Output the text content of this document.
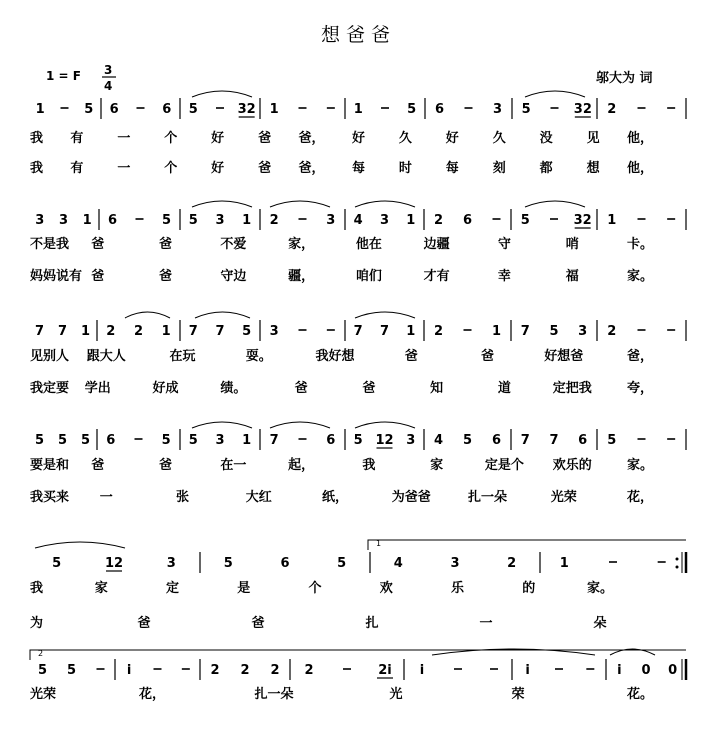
想 爸 爸
1 = F 3
4	邬大为 词
1	5 6	6 5	32 1	1	5 6	3 5	32 2
我 有	一	个	好	爸 爸， 好	久	好	久	没	见 他，
我 有	一	个	好	爸 爸， 每	时	每	刻	都	想 他，
3 3 1 6	5 5 3 1 2	3 4 3 1 2 6	5	32 1
不是我 爸	爸	不爱	家，	他在	边疆	守	哨	卡。
妈妈说有 爸	爸	守边	疆，	咱们	才有	幸	福	家。
7 7 1 2 2 1 7 7 5 3	7 7 1 2	1 7 5 3 2
见别人 跟大人	在玩	耍。	我好想	爸	爸	好想爸	爸，
我定要 学出	好成	绩。	爸	爸	知	道	定把我	夸，
5 5 5 6	5 5 3 1 7	6 5 12 3 4 5 6 7 7 6 5
要是和 爸	爸	在一	起，	我	家	定是个 欢乐的	家。
我买来 一	张	大红	纸，	为爸爸	扎一朵	光荣	花，
5	12	3	5	6	5	4	3	2	1
我	家	定	是	个	欢	乐	的	家。
为	爸	爸	扎	一	朵
5 5	i	2 2 2 2	2i i	i	i 0 0
光荣	花，	扎一朵	光	荣	花。
1
2
